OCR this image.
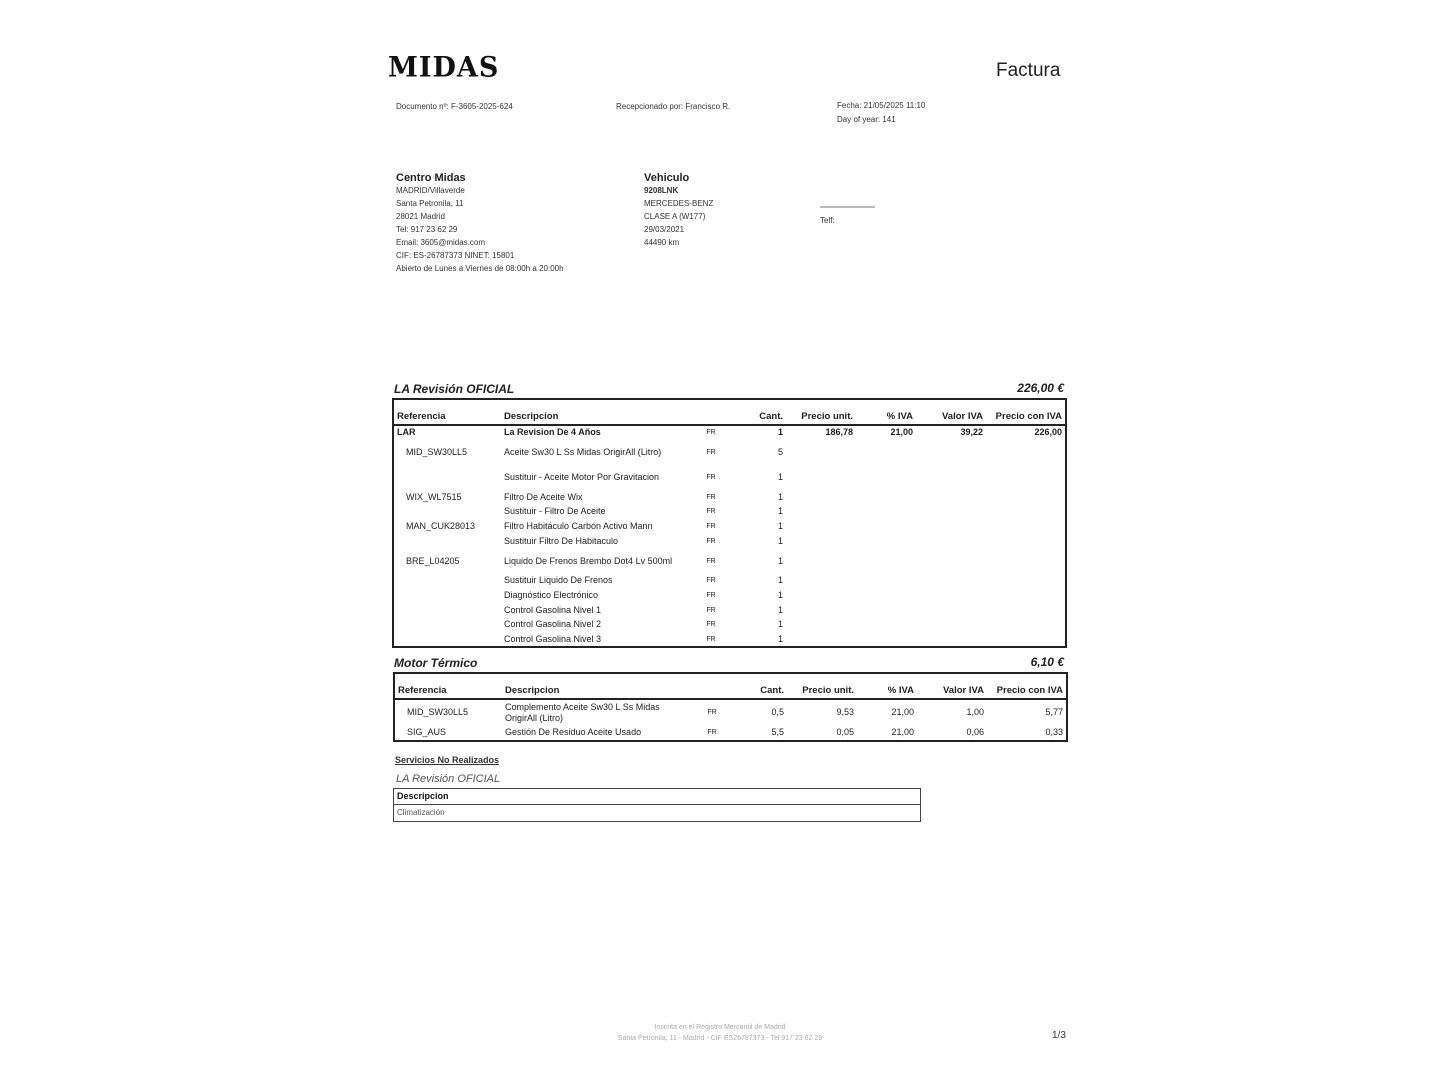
MIDAS	Factura
Documento nº: F-3605-2025-624	Recepcionado por: Francisco R.	Fecha: 21/05/2025 11:10
Day of year: 141
Centro Midas
MADRID/Villaverde
Santa Petronila, 11
28021 Madrid
Tel: 917 23 62 29
Email: 3605@midas.com
CIF: ES-26787373 NINET: 15801
Abierto de Lunes a Viernes de 08:00h a 20:00h
Vehiculo
9208LNK
MERCEDES-BENZ
CLASE A (W177)
29/03/2021
44490 km
Telf:
LA Revisión OFICIAL	226,00 €
Referencia	Descripcion		Cant.	Precio unit.	% IVA	Valor IVA	Precio con IVA
LAR	La Revision De 4 Años	FR	1	186,78	21,00	39,22	226,00
MID_SW30LL5	Aceite Sw30 L Ss Midas OrigirAll (Litro)	FR	5				
	Sustituir - Aceite Motor Por Gravitacion	FR	1				
WIX_WL7515	Filtro De Aceite Wix	FR	1				
	Sustituir - Filtro De Aceite	FR	1				
MAN_CUK28013	Filtro Habitáculo Carbón Activo Mann	FR	1				
	Sustituir Filtro De Habitaculo	FR	1				
BRE_L04205	Liquido De Frenos Brembo Dot4 Lv 500ml	FR	1				
	Sustituir Liquido De Frenos	FR	1				
	Diagnóstico Electrónico	FR	1				
	Control Gasolina Nivel 1	FR	1				
	Control Gasolina Nivel 2	FR	1				
	Control Gasolina Nivel 3	FR	1				
Motor Térmico	6,10 €
Referencia	Descripcion		Cant.	Precio unit.	% IVA	Valor IVA	Precio con IVA
MID_SW30LL5	Complemento Aceite Sw30 L Ss Midas OrigirAll (Litro)	FR	0,5	9,53	21,00	1,00	5,77
SIG_AUS	Gestión De Residuo Aceite Usado	FR	5,5	0,05	21,00	0,06	0,33
Servicios No Realizados
LA Revisión OFICIAL
Descripcion
Climatización
Inscrita en el Registro Mercantil de Madrid
Santa Petronila, 11 - Madrid - CIF ES26787373 - Tel 917 23 62 29	1/3
